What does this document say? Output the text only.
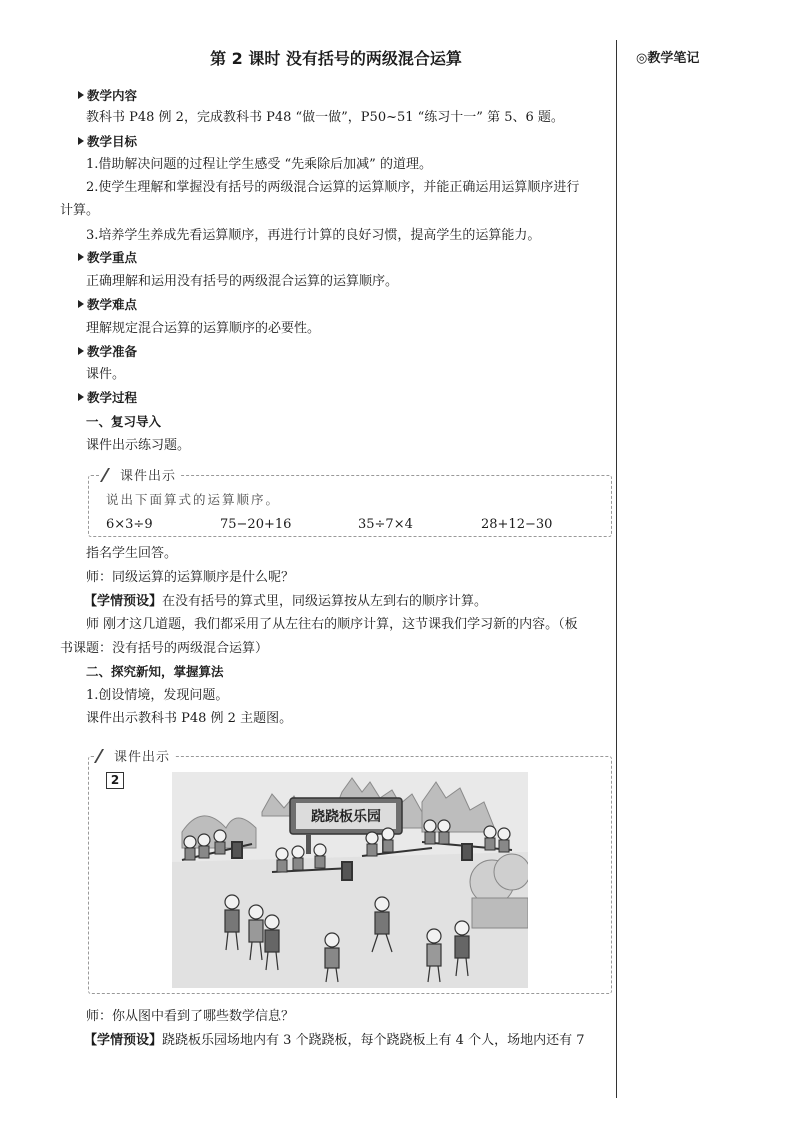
◎教学笔记
第 2 课时 没有括号的两级混合运算
教学内容
教科书 P48 例 2，完成教科书 P48 “做一做”，P50~51 “练习十一” 第 5、6 题。
教学目标
1.借助解决问题的过程让学生感受 “先乘除后加减” 的道理。
2.使学生理解和掌握没有括号的两级混合运算的运算顺序，并能正确运用运算顺序进行
计算。
3.培养学生养成先看运算顺序，再进行计算的良好习惯，提高学生的运算能力。
教学重点
正确理解和运用没有括号的两级混合运算的运算顺序。
教学难点
理解规定混合运算的运算顺序的必要性。
教学准备
课件。
教学过程
一、复习导入
课件出示练习题。
课件出示
说出下面算式的运算顺序。
6×3÷9	75−20+16	35÷7×4	28+12−30
指名学生回答。
师：同级运算的运算顺序是什么呢？
【学情预设】在没有括号的算式里，同级运算按从左到右的顺序计算。
师 刚才这几道题，我们都采用了从左往右的顺序计算，这节课我们学习新的内容。（板
书课题：没有括号的两级混合运算）
二、探究新知，掌握算法
1.创设情境，发现问题。
课件出示教科书 P48 例 2 主题图。
课件出示
2
跷跷板乐园
师：你从图中看到了哪些数学信息？
【学情预设】跷跷板乐园场地内有 3 个跷跷板，每个跷跷板上有 4 个人，场地内还有 7
